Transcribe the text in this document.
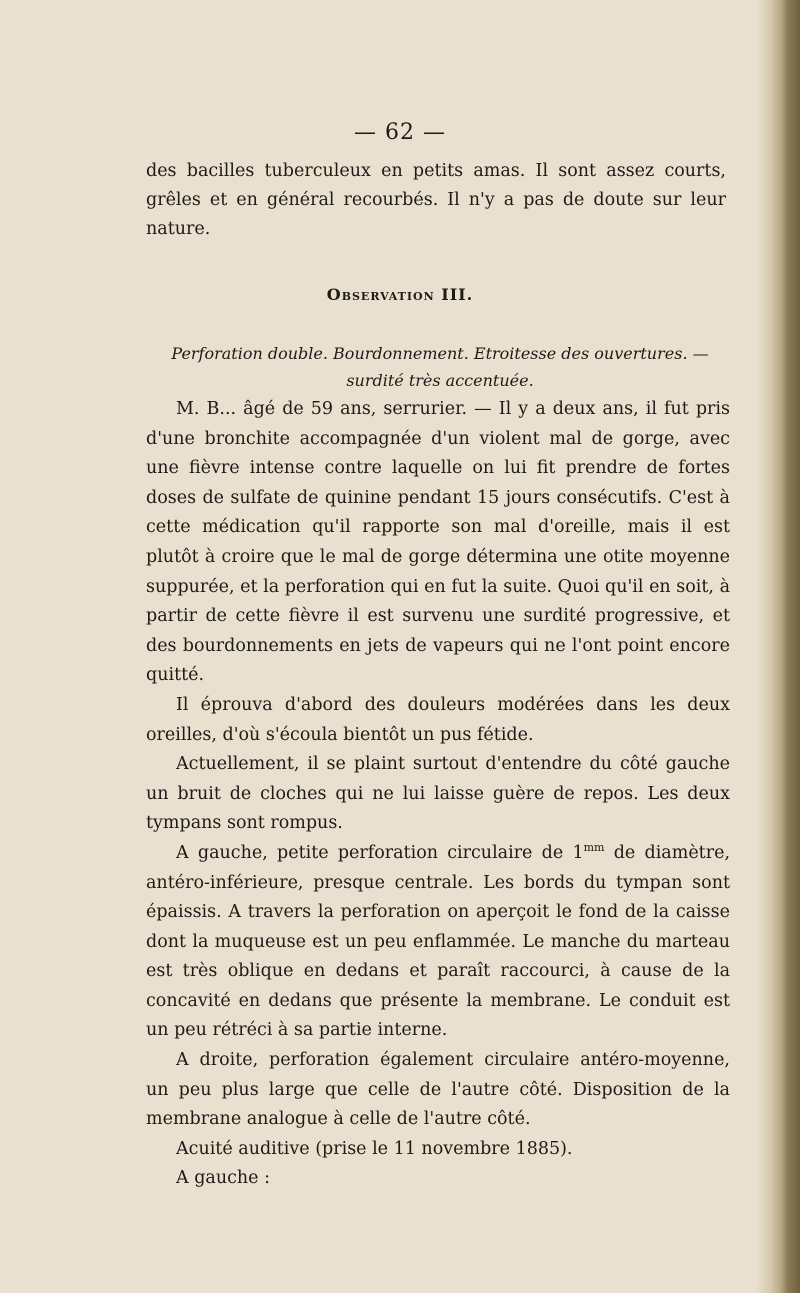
— 62 —

des bacilles tuberculeux en petits amas. Il sont assez courts, grêles et en général recourbés. Il n'y a pas de doute sur leur nature.

Observation III.

Perforation double. Bourdonnement. Etroitesse des ouvertures. — surdité très accentuée.

M. B... âgé de 59 ans, serrurier. — Il y a deux ans, il fut pris d'une bronchite accompagnée d'un violent mal de gorge, avec une fièvre intense contre laquelle on lui fit prendre de fortes doses de sulfate de quinine pendant 15 jours consécutifs. C'est à cette médication qu'il rapporte son mal d'oreille, mais il est plutôt à croire que le mal de gorge détermina une otite moyenne suppurée, et la perforation qui en fut la suite. Quoi qu'il en soit, à partir de cette fièvre il est survenu une surdité progressive, et des bourdonnements en jets de vapeurs qui ne l'ont point encore quitté.

Il éprouva d'abord des douleurs modérées dans les deux oreilles, d'où s'écoula bientôt un pus fétide.

Actuellement, il se plaint surtout d'entendre du côté gauche un bruit de cloches qui ne lui laisse guère de repos. Les deux tympans sont rompus.

A gauche, petite perforation circulaire de $1^{mm}$ de diamètre, antéro-inférieure, presque centrale. Les bords du tympan sont épaissis. A travers la perforation on aperçoit le fond de la caisse dont la muqueuse est un peu enflammée. Le manche du marteau est très oblique en dedans et paraît raccourci, à cause de la concavité en dedans que présente la membrane. Le conduit est un peu rétréci à sa partie interne.

A droite, perforation également circulaire antéro-moyenne, un peu plus large que celle de l'autre côté. Disposition de la membrane analogue à celle de l'autre côté.

Acuité auditive (prise le 11 novembre 1885).

A gauche :
